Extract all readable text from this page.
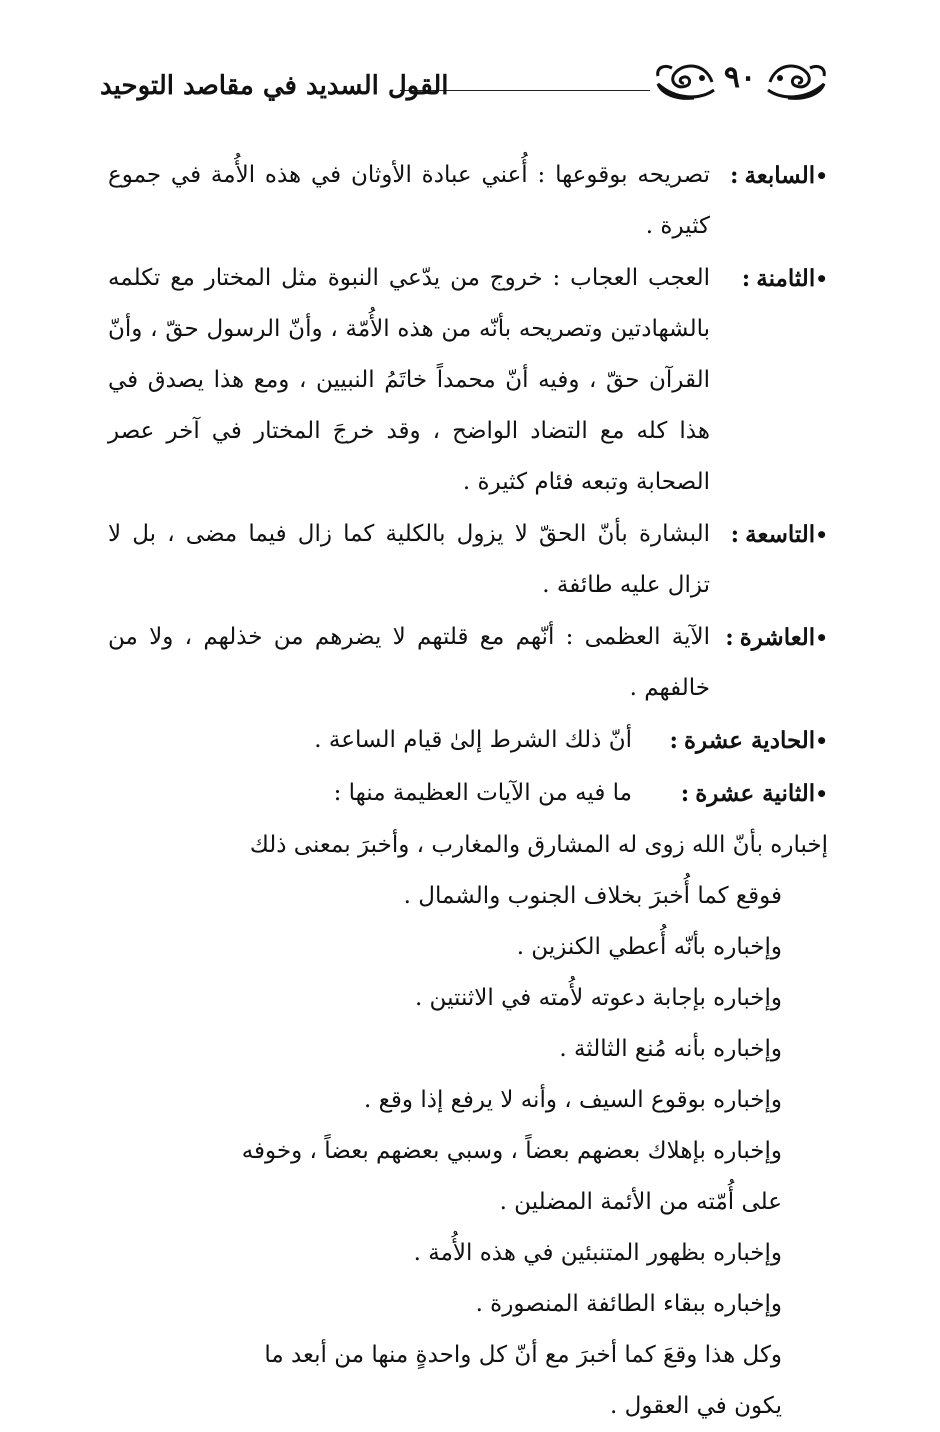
٩٠
القول السديد في مقاصد التوحيد
•السابعة:
تصريحه بوقوعها : أُعني عبادة الأوثان في هذه الأُمة في جموع كثيرة .
•الثامنة:
العجب العجاب : خروج من يدّعي النبوة مثل المختار مع تكلمه بالشهادتين وتصريحه بأنّه من هذه الأُمّة ، وأنّ الرسول حقّ ، وأنّ القرآن حقّ ، وفيه أنّ محمداً خاتَمُ النبيين ، ومع هذا يصدق في هذا كله مع التضاد الواضح ، وقد خرجَ المختار في آخر عصر الصحابة وتبعه فئام كثيرة .
•التاسعة:
البشارة بأنّ الحقّ لا يزول بالكلية كما زال فيما مضى ، بل لا تزال عليه طائفة .
•العاشرة:
الآية العظمى : أنّهم مع قلتهم لا يضرهم من خذلهم ، ولا من خالفهم .
•الحادية عشرة:
أنّ ذلك الشرط إلىٰ قيام الساعة .
•الثانية عشرة:
ما فيه من الآيات العظيمة منها :

إخباره بأنّ الله زوى له المشارق والمغارب ، وأخبرَ بمعنى ذلك

فوقع كما أُخبرَ بخلاف الجنوب والشمال .

وإخباره بأنّه أُعطي الكنزين .

وإخباره بإجابة دعوته لأُمته في الاثنتين .

وإخباره بأنه مُنع الثالثة .

وإخباره بوقوع السيف ، وأنه لا يرفع إذا وقع .

وإخباره بإهلاك بعضهم بعضاً ، وسبي بعضهم بعضاً ، وخوفه

على أُمّته من الأئمة المضلين .

وإخباره بظهور المتنبئين في هذه الأُمة .

وإخباره ببقاء الطائفة المنصورة .

وكل هذا وقعَ كما أخبرَ مع أنّ كل واحدةٍ منها من أبعد ما

يكون في العقول .
